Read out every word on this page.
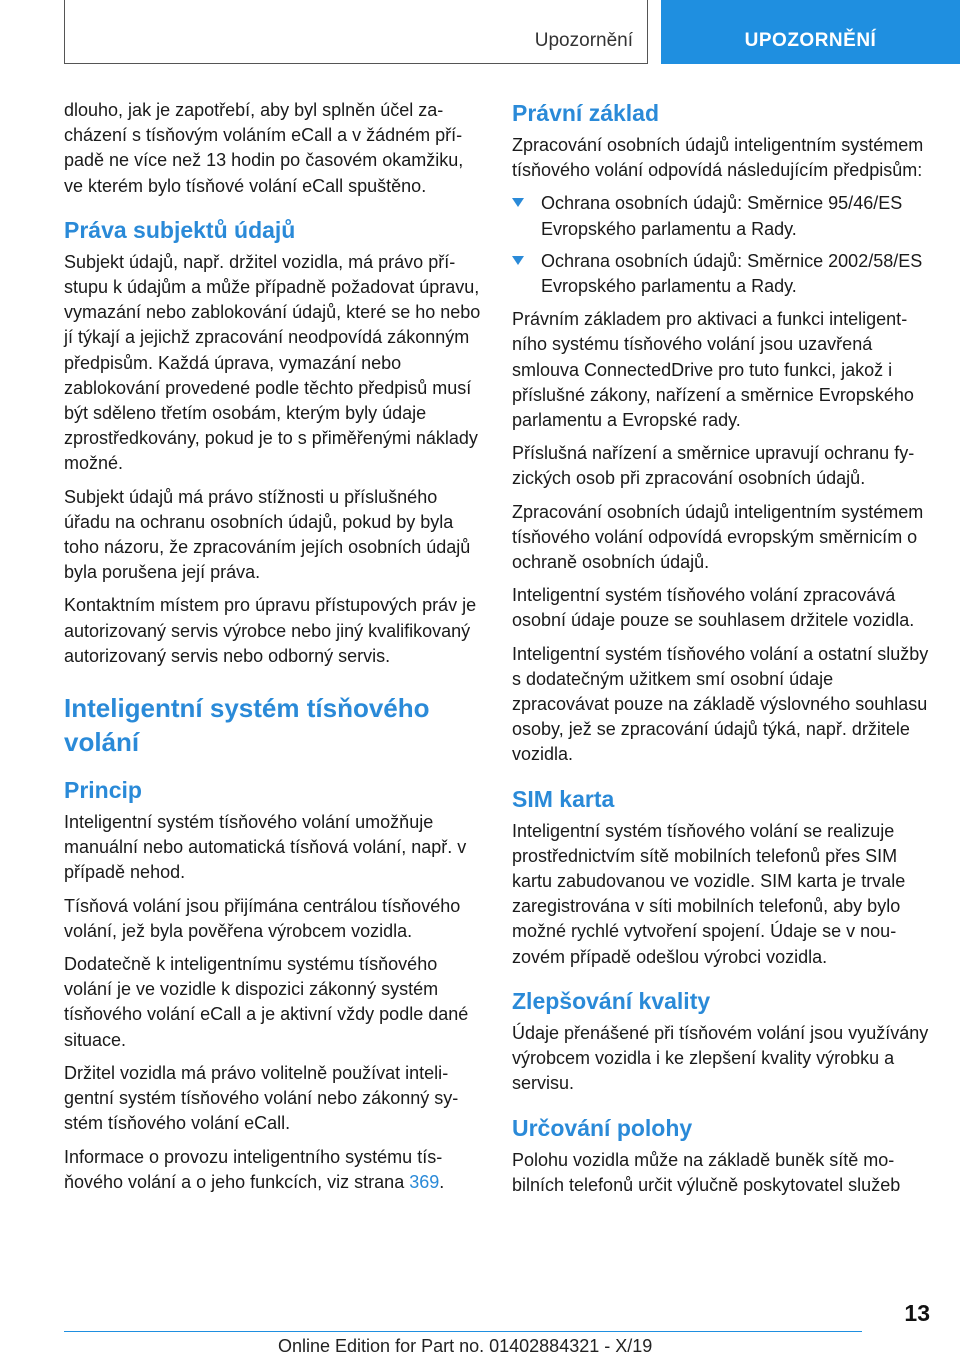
Upozornění	UPOZORNĚNÍ

dlouho, jak je zapotřebí, aby byl splněn účel zacházení s tísňovým voláním eCall a v žádném případě ne více než 13 hodin po časovém okamžiku, ve kterém bylo tísňové volání eCall spuštěno.

Práva subjektů údajů

Subjekt údajů, např. držitel vozidla, má právo přístupu k údajům a může případně požadovat úpravu, vymazání nebo zablokování údajů, které se ho nebo jí týkají a jejichž zpracování neodpovídá zákonným předpisům. Každá úprava, vymazání nebo zablokování provedené podle těchto předpisů musí být sděleno třetím osobám, kterým byly údaje zprostředkovány, pokud je to s přiměřenými náklady možné.

Subjekt údajů má právo stížnosti u příslušného úřadu na ochranu osobních údajů, pokud by byla toho názoru, že zpracováním jejích osobních údajů byla porušena její práva.

Kontaktním místem pro úpravu přístupových práv je autorizovaný servis výrobce nebo jiný kvalifikovaný autorizovaný servis nebo odborný servis.

Inteligentní systém tísňového volání
Princip

Inteligentní systém tísňového volání umožňuje manuální nebo automatická tísňová volání, např. v případě nehod.

Tísňová volání jsou přijímána centrálou tísňového volání, jež byla pověřena výrobcem vozidla.

Dodatečně k inteligentnímu systému tísňového volání je ve vozidle k dispozici zákonný systém tísňového volání eCall a je aktivní vždy podle dané situace.

Držitel vozidla má právo volitelně používat inteligentní systém tísňového volání nebo zákonný systém tísňového volání eCall.

Informace o provozu inteligentního systému tísňového volání a o jeho funkcích, viz strana 369.

Právní základ

Zpracování osobních údajů inteligentním systémem tísňového volání odpovídá následujícím předpisům:

Ochrana osobních údajů: Směrnice 95/46/ES Evropského parlamentu a Rady.
Ochrana osobních údajů: Směrnice 2002/58/ES Evropského parlamentu a Rady.

Právním základem pro aktivaci a funkci inteligentního systému tísňového volání jsou uzavřená smlouva ConnectedDrive pro tuto funkci, jakož i příslušné zákony, nařízení a směrnice Evropského parlamentu a Evropské rady.

Příslušná nařízení a směrnice upravují ochranu fyzických osob při zpracování osobních údajů.

Zpracování osobních údajů inteligentním systémem tísňového volání odpovídá evropským směrnicím o ochraně osobních údajů.

Inteligentní systém tísňového volání zpracovává osobní údaje pouze se souhlasem držitele vozidla.

Inteligentní systém tísňového volání a ostatní služby s dodatečným užitkem smí osobní údaje zpracovávat pouze na základě výslovného souhlasu osoby, jež se zpracování údajů týká, např. držitele vozidla.

SIM karta

Inteligentní systém tísňového volání se realizuje prostřednictvím sítě mobilních telefonů přes SIM kartu zabudovanou ve vozidle. SIM karta je trvale zaregistrována v síti mobilních telefonů, aby bylo možné rychlé vytvoření spojení. Údaje se v nouzovém případě odešlou výrobci vozidla.

Zlepšování kvality

Údaje přenášené při tísňovém volání jsou využívány výrobcem vozidla i ke zlepšení kvality výrobku a servisu.

Určování polohy

Polohu vozidla může na základě buněk sítě mobilních telefonů určit výlučně poskytovatel služeb

13
Online Edition for Part no. 01402884321 - X/19
